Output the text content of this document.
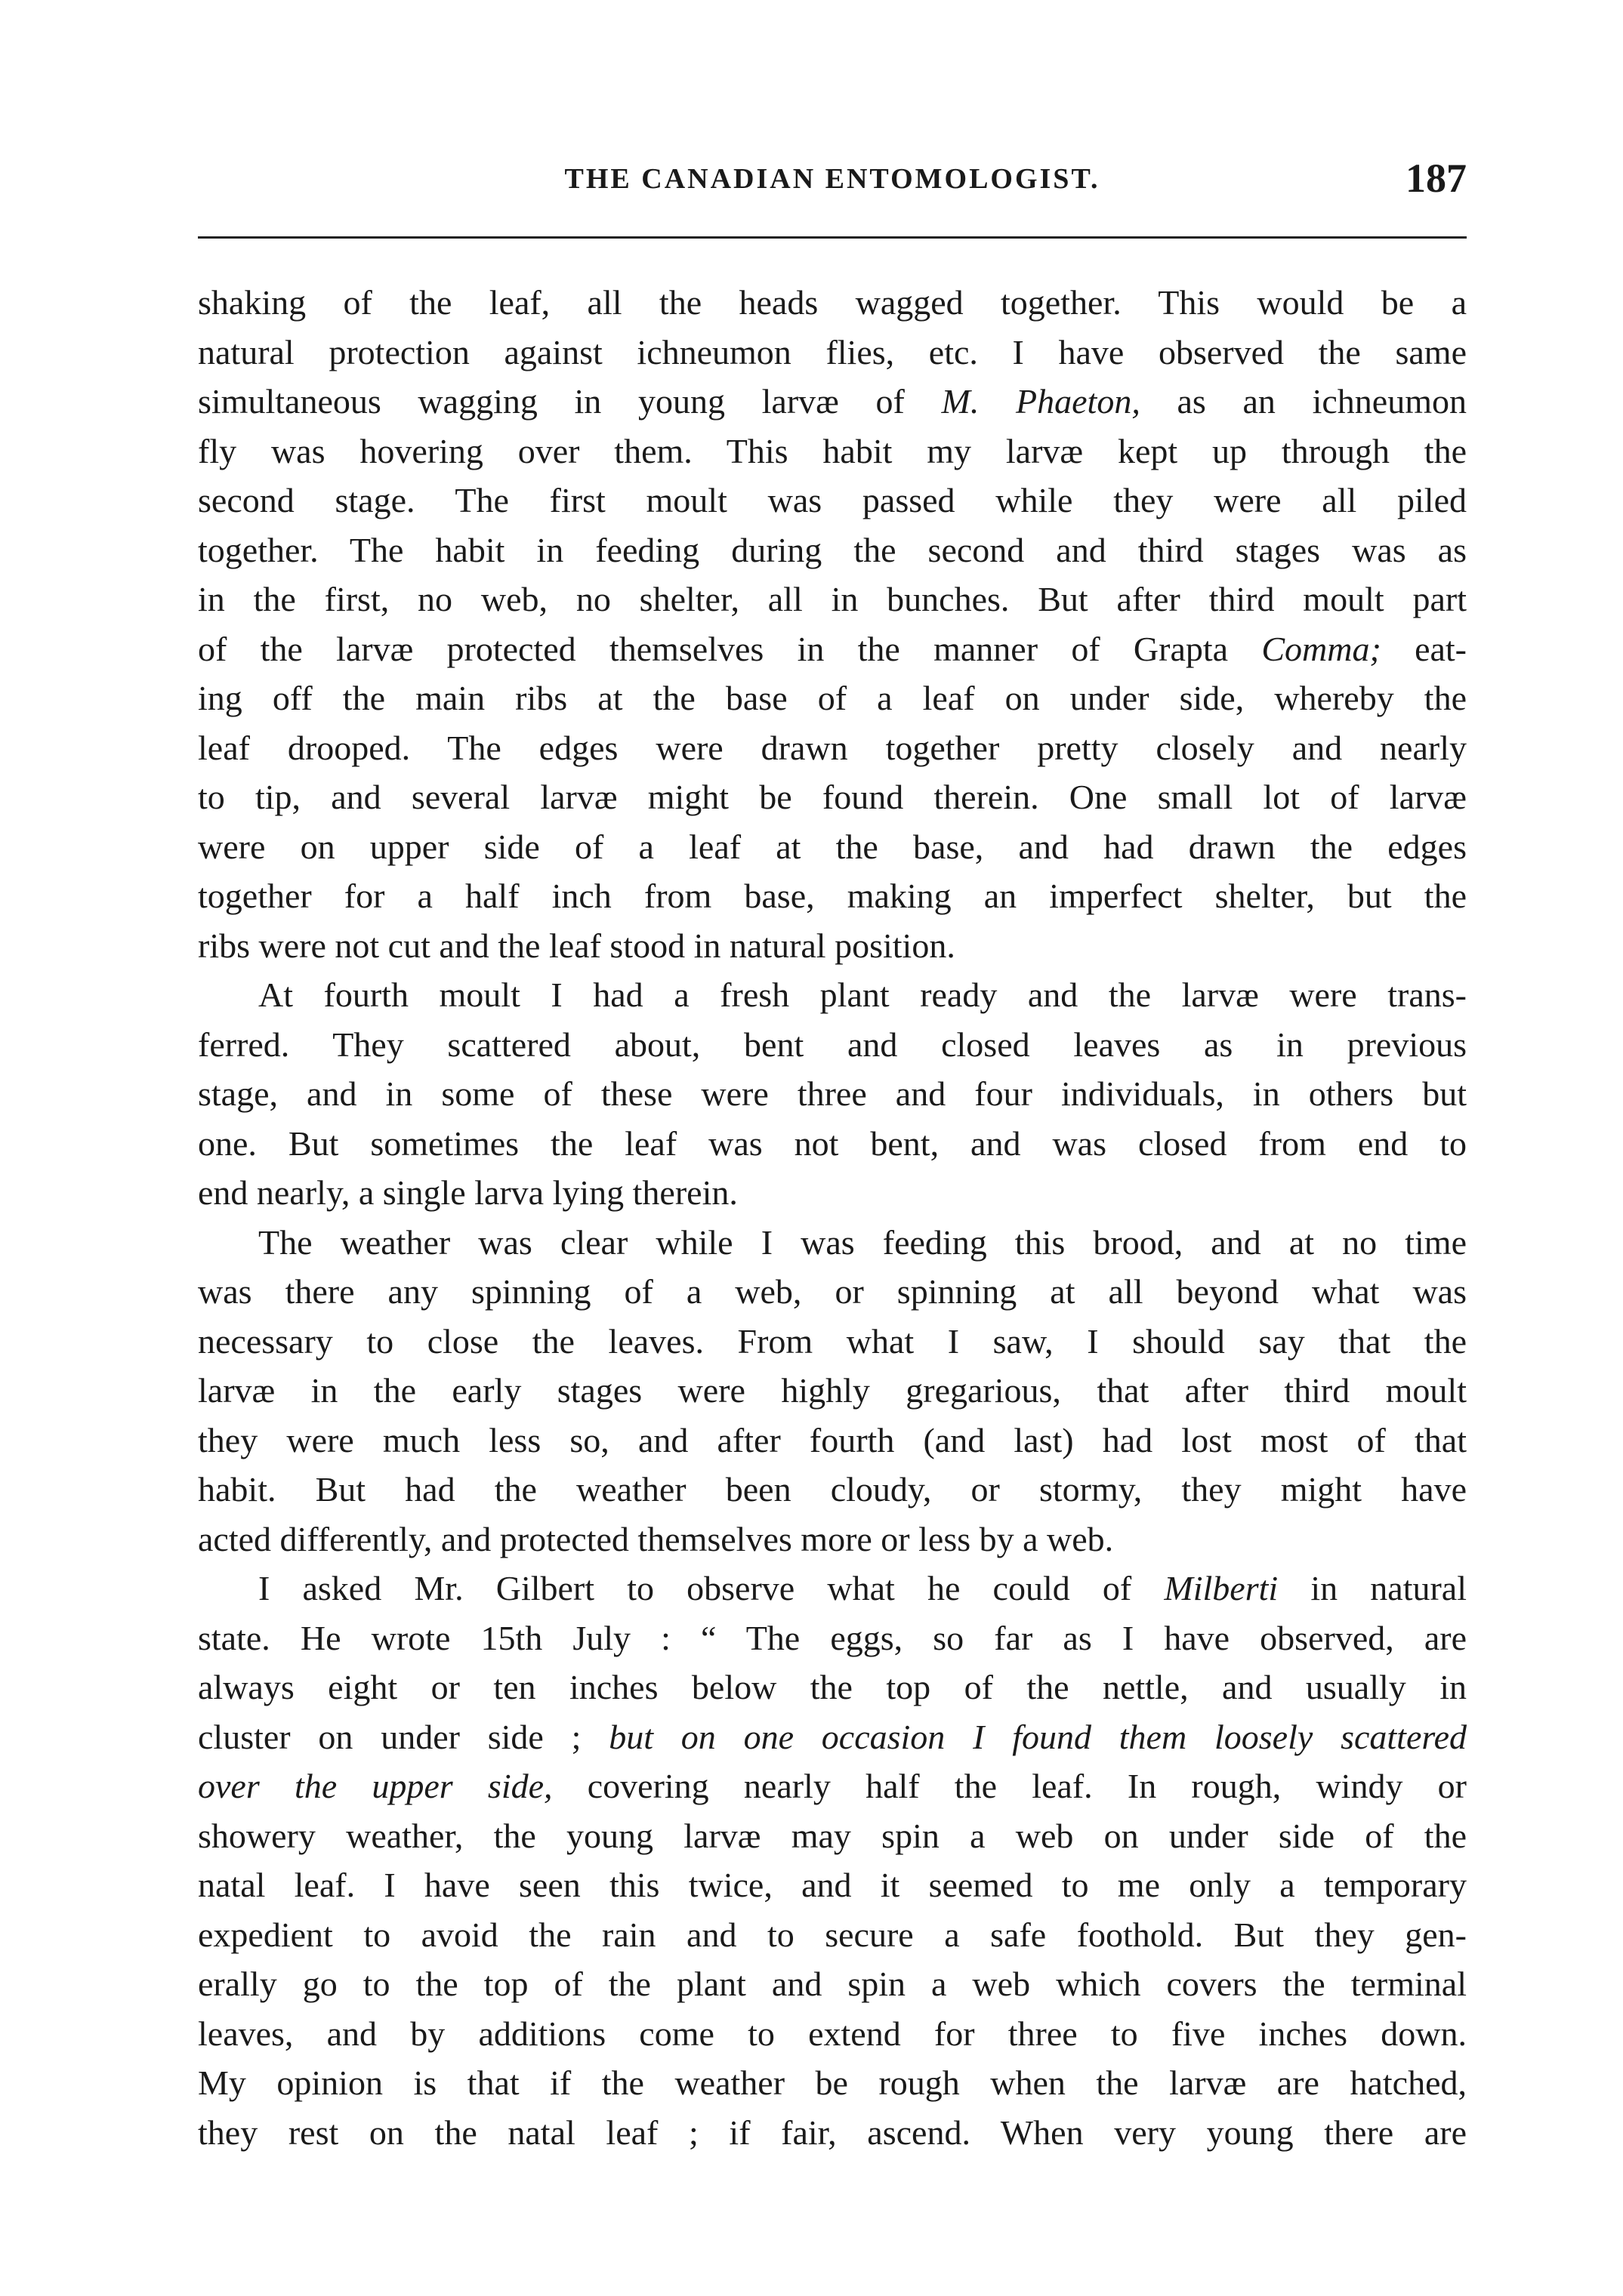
THE CANADIAN ENTOMOLOGIST.	187
shaking of the leaf, all the heads wagged together. This would be a
natural protection against ichneumon flies, etc. I have observed the same
simultaneous wagging in young larvæ of M. Phaeton, as an ichneumon
fly was hovering over them. This habit my larvæ kept up through the
second stage. The first moult was passed while they were all piled
together. The habit in feeding during the second and third stages was as
in the first, no web, no shelter, all in bunches. But after third moult part
of the larvæ protected themselves in the manner of Grapta Comma; eat-
ing off the main ribs at the base of a leaf on under side, whereby the
leaf drooped. The edges were drawn together pretty closely and nearly
to tip, and several larvæ might be found therein. One small lot of larvæ
were on upper side of a leaf at the base, and had drawn the edges
together for a half inch from base, making an imperfect shelter, but the
ribs were not cut and the leaf stood in natural position.
At fourth moult I had a fresh plant ready and the larvæ were trans-
ferred. They scattered about, bent and closed leaves as in previous
stage, and in some of these were three and four individuals, in others but
one. But sometimes the leaf was not bent, and was closed from end to
end nearly, a single larva lying therein.
The weather was clear while I was feeding this brood, and at no time
was there any spinning of a web, or spinning at all beyond what was
necessary to close the leaves. From what I saw, I should say that the
larvæ in the early stages were highly gregarious, that after third moult
they were much less so, and after fourth (and last) had lost most of that
habit. But had the weather been cloudy, or stormy, they might have
acted differently, and protected themselves more or less by a web.
I asked Mr. Gilbert to observe what he could of Milberti in natural
state. He wrote 15th July : “ The eggs, so far as I have observed, are
always eight or ten inches below the top of the nettle, and usually in
cluster on under side ; but on one occasion I found them loosely scattered
over the upper side, covering nearly half the leaf. In rough, windy or
showery weather, the young larvæ may spin a web on under side of the
natal leaf. I have seen this twice, and it seemed to me only a temporary
expedient to avoid the rain and to secure a safe foothold. But they gen-
erally go to the top of the plant and spin a web which covers the terminal
leaves, and by additions come to extend for three to five inches down.
My opinion is that if the weather be rough when the larvæ are hatched,
they rest on the natal leaf ; if fair, ascend. When very young there are
